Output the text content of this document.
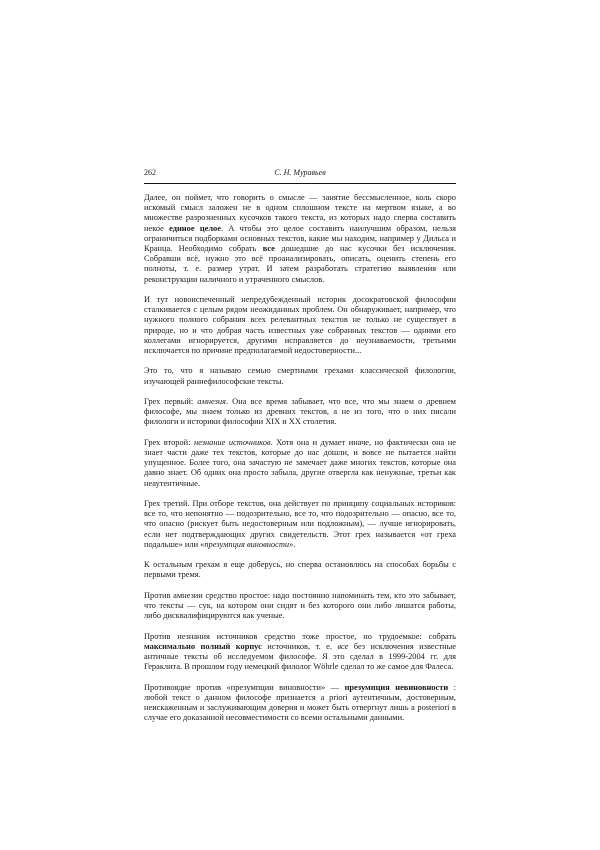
262	С. Н. Муравьев

Далее, он поймет, что говорить о смысле — занятие бессмысленное, коль скоро искомый смысл заложен не в одном сплошном тексте на мертвом языке, а во множестве разрозненных кусочков такого текста, из которых надо сперва составить некое единое целое. А чтобы это целое составить наилучшим образом, нельзя ограничиться подборками основных текстов, какие мы находим, например у Дильса и Кранца. Необходимо собрать все дошедшие до нас кусочки без исключения. Собравши всё, нужно это всё проанализировать, описать, оценить степень его полноты, т. е. размер утрат. И затем разработать стратегию выявления или реконструкции наличного и утраченного смыслов.

И тут новоиспеченный непредубежденный историк досократовской философии сталкивается с целым рядом неожиданных проблем. Он обнаруживает, например, что нужного полного собрания всех релевантных текстов не только не существует в природе, но и что добрая часть известных уже собранных текстов — одними его коллегами игнорируется, другими исправляется до неузнаваемости, третьими исключается по причине предполагаемой недостоверности...

Это то, что я называю семью смертными грехами классической филологии, изучающей раннефилософские тексты.

Грех первый: амнезия. Она все время забывает, что все, что мы знаем о древнем философе, мы знаем только из древних текстов, а не из того, что о них писали филологи и историки философии XIX и XX столетия.

Грех второй: незнание источников. Хотя она и думает иначе, но фактически она не знает части даже тех текстов, которые до нас дошли, и вовсе не пытается найти упущенное. Более того, она зачастую не замечает даже многих текстов, которые она давно знает. Об одних она просто забыла, другие отвергла как ненужные, третьи как неаутентичные.

Грех третий. При отборе текстов, она действует по принципу социальных историков: все то, что непонятно — подозрительно, все то, что подозрительно — опасно, все то, что опасно (рискует быть недостоверным или подложным), — лучше игнорировать, если нет подтверждающих других свидетельств. Этот грех называется «от греха подальше» или «презумпция виновности».

К остальным грехам я еще доберусь, но сперва остановлюсь на способах борьбы с первыми тремя.

Против амнезии средство простое: надо постоянно напоминать тем, кто это забывает, что тексты — сук, на котором они сидят и без которого они либо лишатся работы, либо дисквалифицируются как ученые.

Против незнания источников средство тоже простое, но трудоемкое: собрать максимально полный корпус источников, т. е. все без исключения известные античные тексты об исследуемом философе. Я это сделал в 1999-2004 гг. для Гераклита. В прошлом году немецкий филолог Wöhrle сделал то же самое для Фалеса.

Противоядие против «презумпции виновности» — презумпция невиновности : любой текст о данном философе признается a priori аутентичным, достоверным, неискаженным и заслуживающим доверия и может быть отвергнут лишь a posteriori в случае его доказанной несовместимости со всеми остальными данными.
